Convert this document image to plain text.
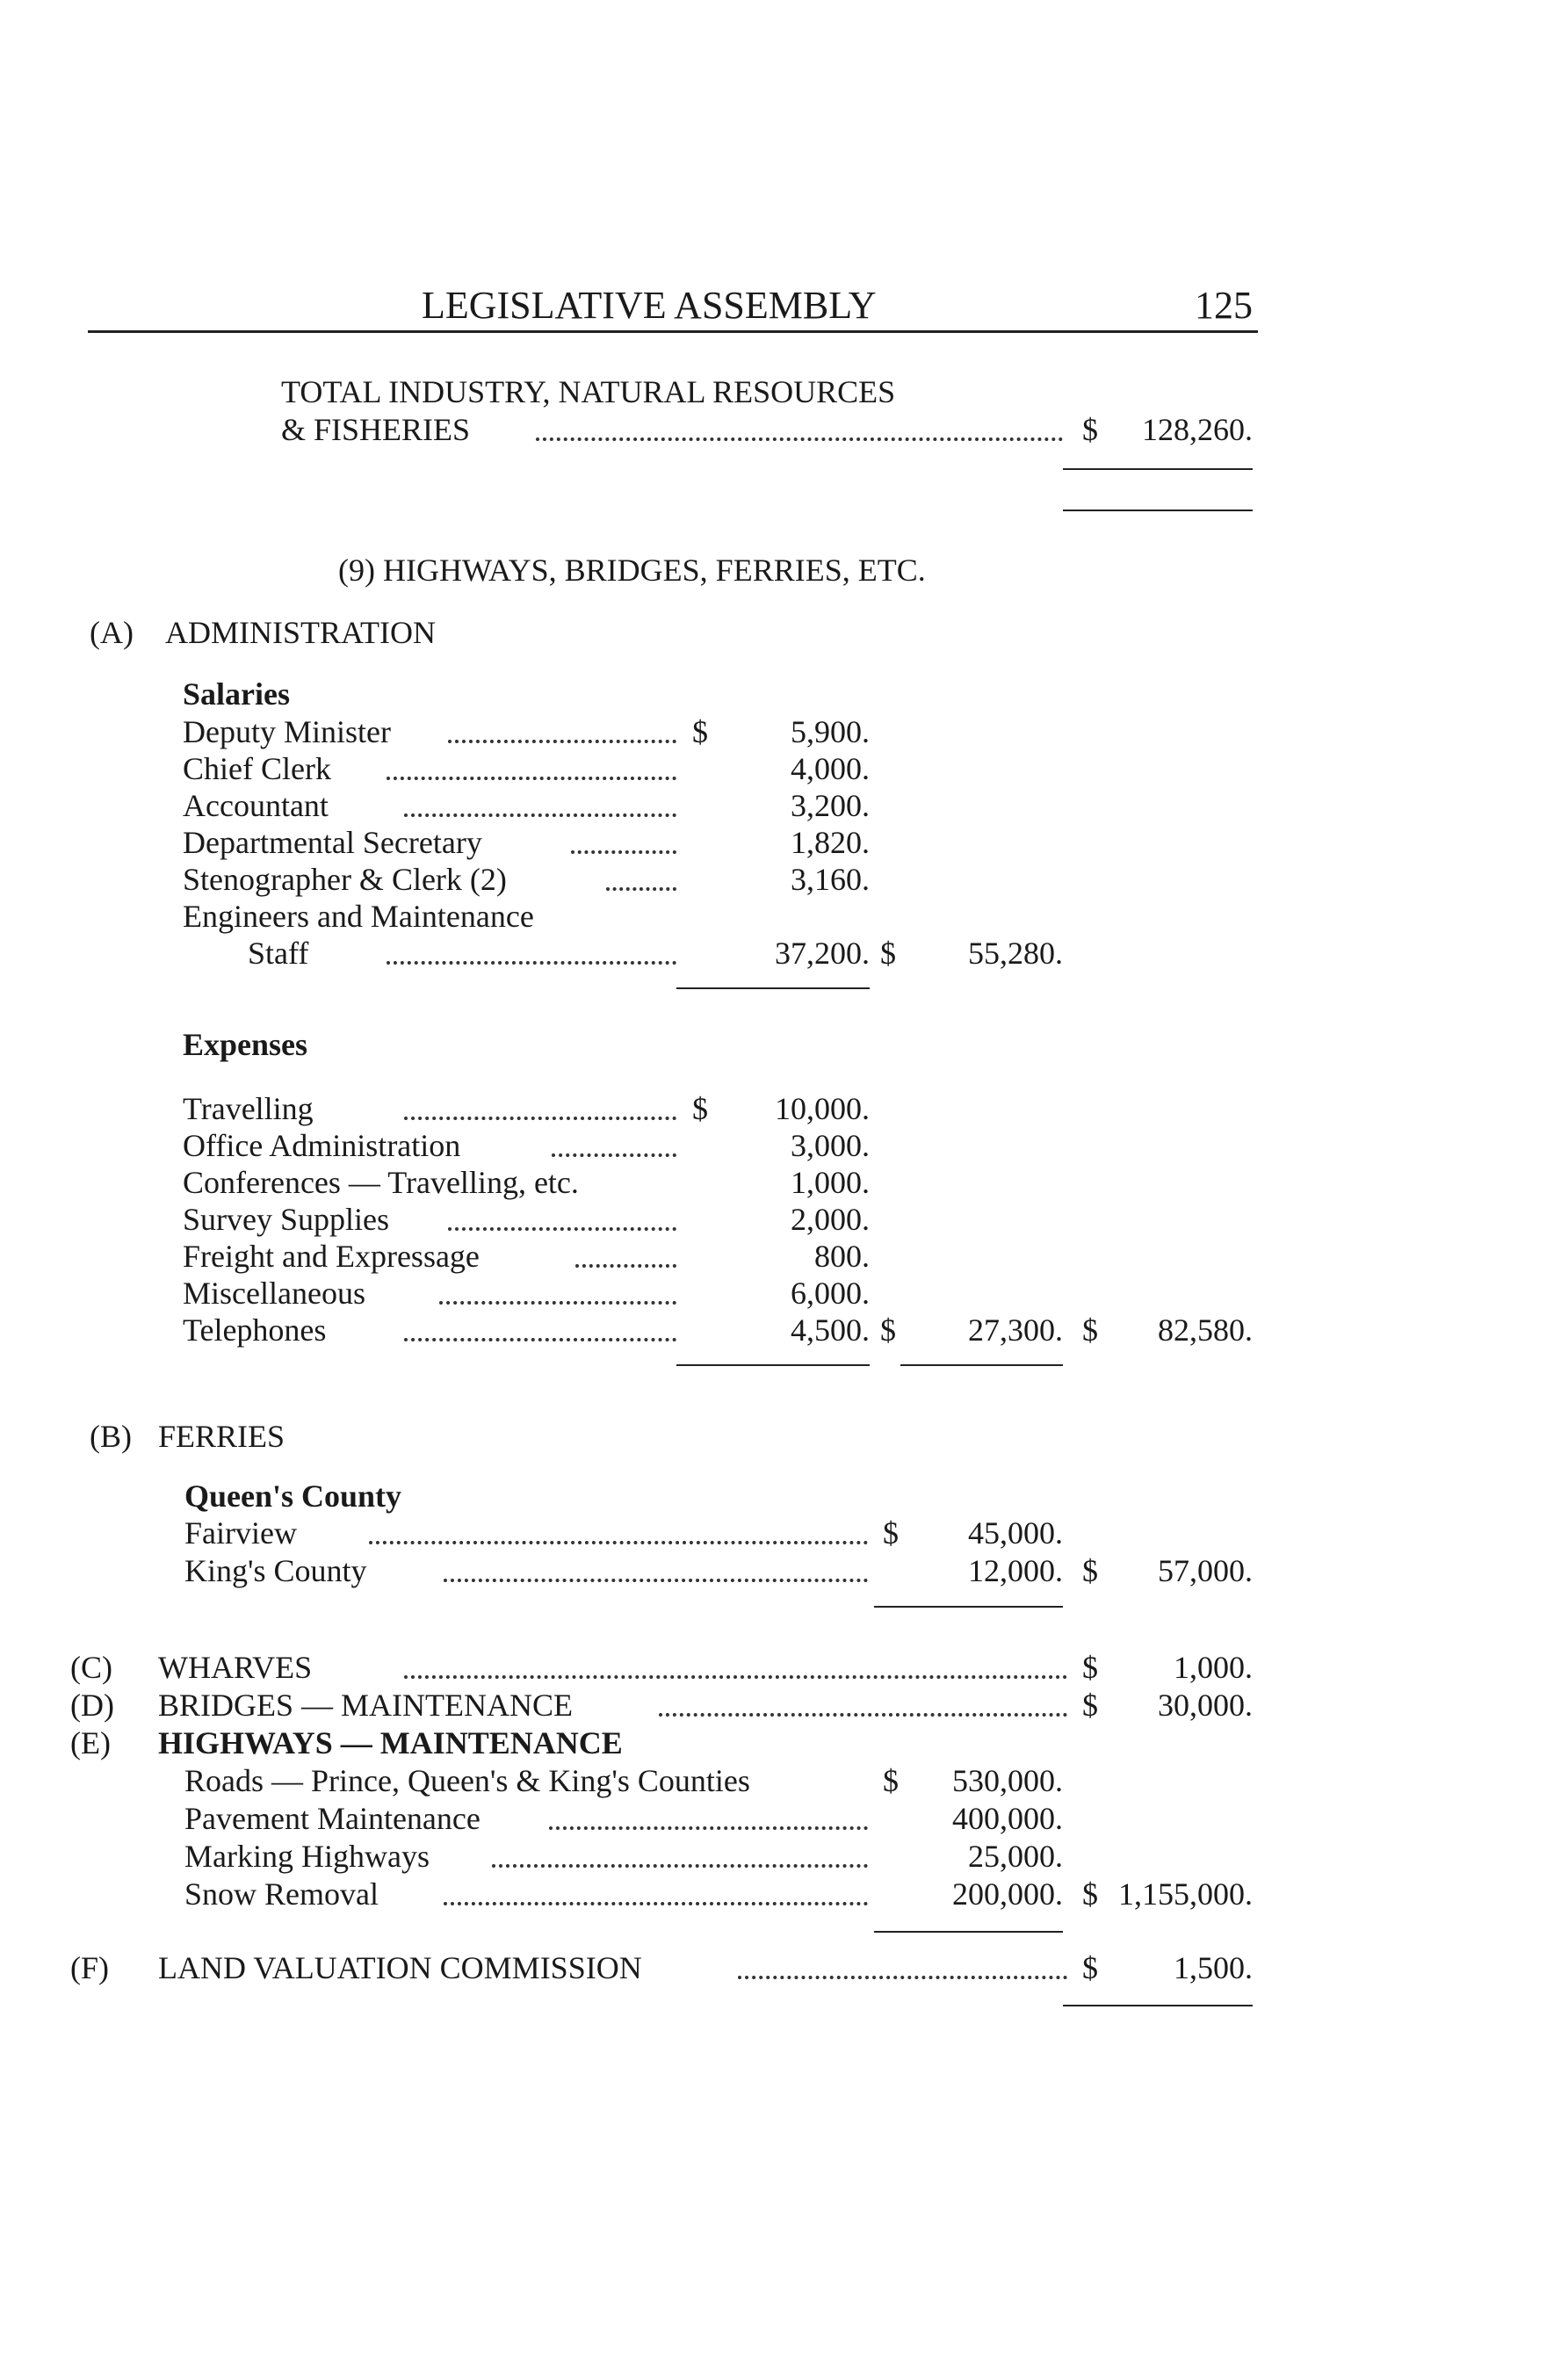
LEGISLATIVE ASSEMBLY	125
TOTAL INDUSTRY, NATURAL RESOURCES
& FISHERIES	$	128,260.
(9) HIGHWAYS, BRIDGES, FERRIES, ETC.
(A) ADMINISTRATION
Salaries
Deputy Minister	$	5,900.
Chief Clerk	4,000.
Accountant	3,200.
Departmental Secretary	1,820.
Stenographer & Clerk (2)	3,160.
Engineers and Maintenance
Staff	37,200. $	55,280.
Expenses
Travelling	$	10,000.
Office Administration	3,000.
Conferences — Travelling, etc.	1,000.
Survey Supplies	2,000.
Freight and Expressage	800.
Miscellaneous	6,000.
Telephones	4,500. $	27,300. $	82,580.
(B) FERRIES
Queen's County
Fairview	$	45,000.
King's County	12,000. $	57,000.
(C) WHARVES	$	1,000.
(D) BRIDGES — MAINTENANCE	$	30,000.
(E) HIGHWAYS — MAINTENANCE
Roads — Prince, Queen's & King's Counties	$	530,000.
Pavement Maintenance	400,000.
Marking Highways	25,000.
Snow Removal	200,000. $ 1,155,000.
(F) LAND VALUATION COMMISSION	$	1,500.
